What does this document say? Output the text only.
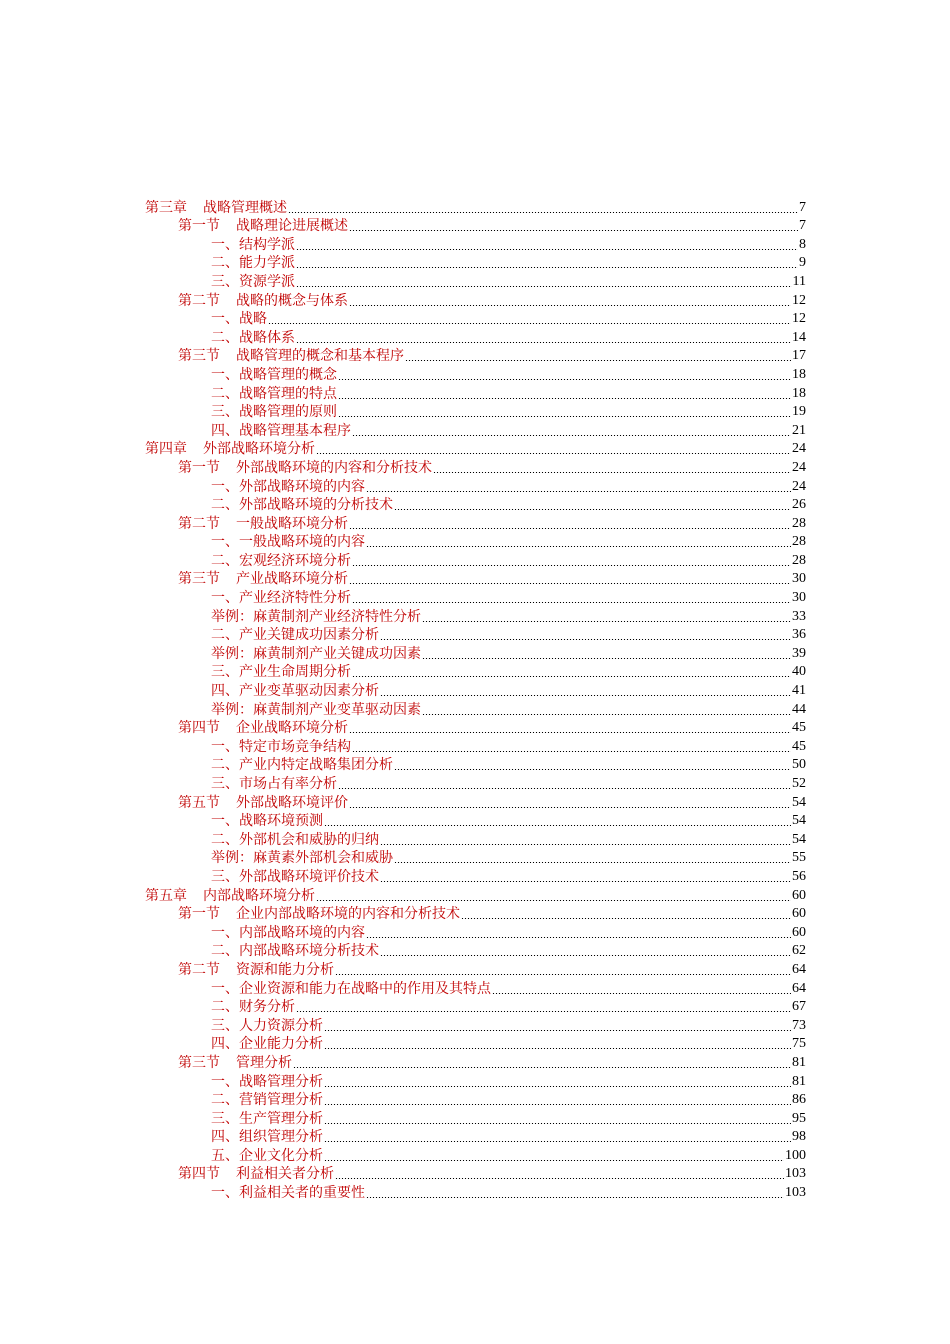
第三章 战略管理概述	7
第一节 战略理论进展概述	7
一、结构学派	8
二、能力学派	9
三、资源学派	11
第二节 战略的概念与体系	12
一、战略	12
二、战略体系	14
第三节 战略管理的概念和基本程序	17
一、战略管理的概念	18
二、战略管理的特点	18
三、战略管理的原则	19
四、战略管理基本程序	21
第四章 外部战略环境分析	24
第一节 外部战略环境的内容和分析技术	24
一、外部战略环境的内容	24
二、外部战略环境的分析技术	26
第二节 一般战略环境分析	28
一、一般战略环境的内容	28
二、宏观经济环境分析	28
第三节 产业战略环境分析	30
一、产业经济特性分析	30
举例：麻黄制剂产业经济特性分析	33
二、产业关键成功因素分析	36
举例：麻黄制剂产业关键成功因素	39
三、产业生命周期分析	40
四、产业变革驱动因素分析	41
举例：麻黄制剂产业变革驱动因素	44
第四节 企业战略环境分析	45
一、特定市场竞争结构	45
二、产业内特定战略集团分析	50
三、市场占有率分析	52
第五节 外部战略环境评价	54
一、战略环境预测	54
二、外部机会和威胁的归纳	54
举例：麻黄素外部机会和威胁	55
三、外部战略环境评价技术	56
第五章 内部战略环境分析	60
第一节 企业内部战略环境的内容和分析技术	60
一、内部战略环境的内容	60
二、内部战略环境分析技术	62
第二节 资源和能力分析	64
一、企业资源和能力在战略中的作用及其特点	64
二、财务分析	67
三、人力资源分析	73
四、企业能力分析	75
第三节 管理分析	81
一、战略管理分析	81
二、营销管理分析	86
三、生产管理分析	95
四、组织管理分析	98
五、企业文化分析	100
第四节 利益相关者分析	103
一、利益相关者的重要性	103
